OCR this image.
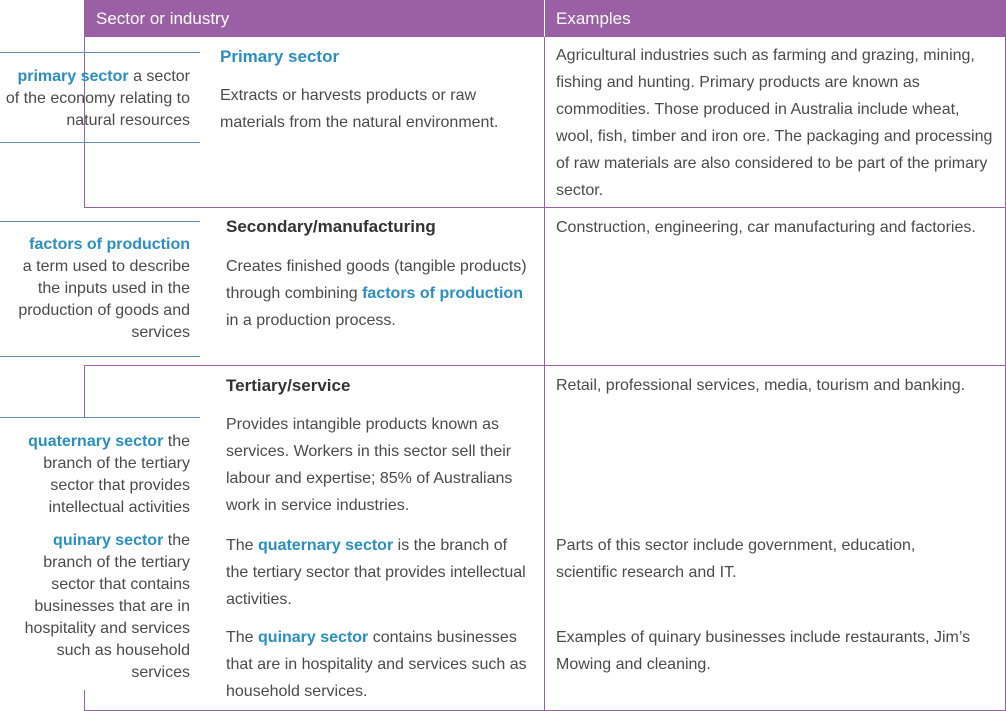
Sector or industry	Examples
primary sector a sector of the economy relating to natural resources
factors of production
a term used to describe the inputs used in the production of goods and services
quaternary sector the branch of the tertiary sector that provides intellectual activities
quinary sector the branch of the tertiary sector that contains businesses that are in hospitality and services such as household services
Primary sector
Extracts or harvests products or raw materials from the natural environment.
Agricultural industries such as farming and grazing, mining, fishing and hunting. Primary products are known as commodities. Those produced in Australia include wheat, wool, fish, timber and iron ore. The packaging and processing of raw materials are also considered to be part of the primary sector.
Secondary/manufacturing
Creates finished goods (tangible products) through combining factors of production in a production process.
Construction, engineering, car manufacturing and factories.
Tertiary/service
Provides intangible products known as services. Workers in this sector sell their labour and expertise; 85% of Australians work in service industries.
Retail, professional services, media, tourism and banking.
The quaternary sector is the branch of the tertiary sector that provides intellectual activities.
Parts of this sector include government, education, scientific research and IT.
The quinary sector contains businesses that are in hospitality and services such as household services.
Examples of quinary businesses include restaurants, Jim’s Mowing and cleaning.
